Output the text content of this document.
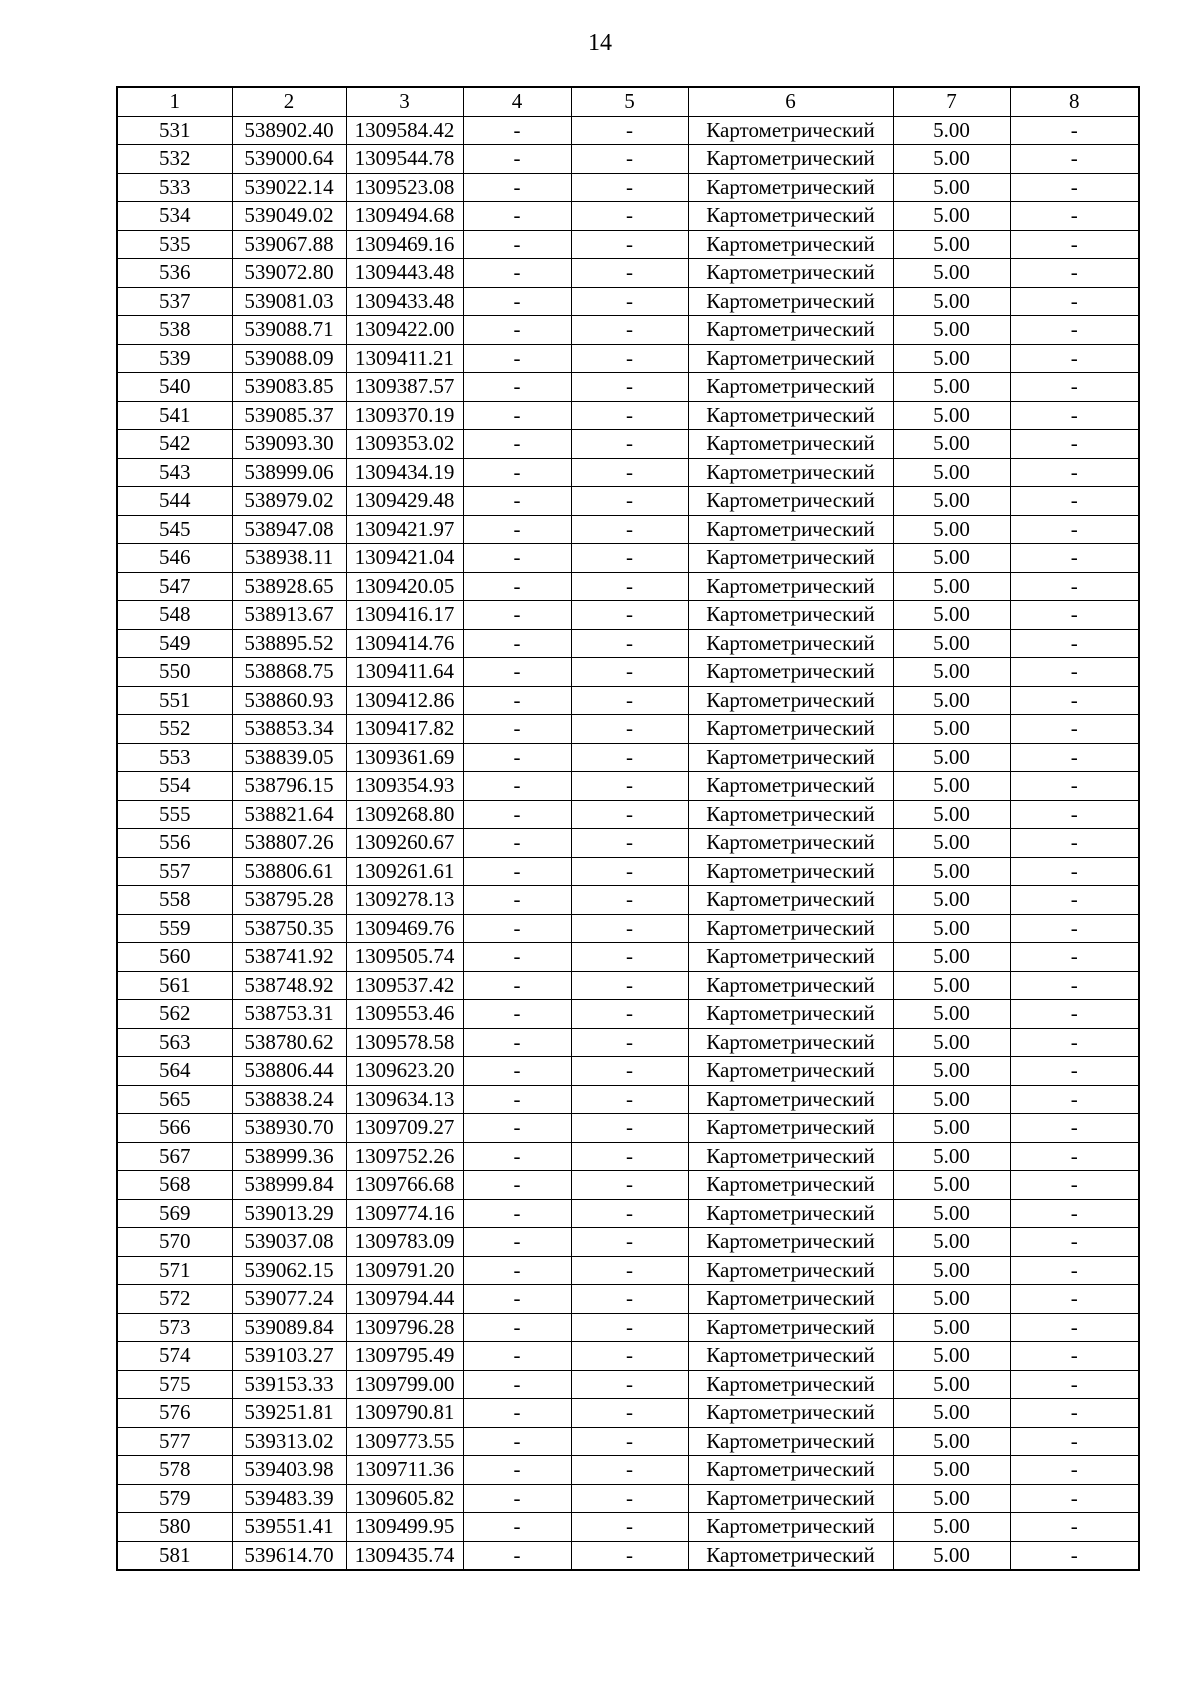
14
1	2	3	4	5	6	7	8
531	538902.40	1309584.42	-	-	Картометрический	5.00	-
532	539000.64	1309544.78	-	-	Картометрический	5.00	-
533	539022.14	1309523.08	-	-	Картометрический	5.00	-
534	539049.02	1309494.68	-	-	Картометрический	5.00	-
535	539067.88	1309469.16	-	-	Картометрический	5.00	-
536	539072.80	1309443.48	-	-	Картометрический	5.00	-
537	539081.03	1309433.48	-	-	Картометрический	5.00	-
538	539088.71	1309422.00	-	-	Картометрический	5.00	-
539	539088.09	1309411.21	-	-	Картометрический	5.00	-
540	539083.85	1309387.57	-	-	Картометрический	5.00	-
541	539085.37	1309370.19	-	-	Картометрический	5.00	-
542	539093.30	1309353.02	-	-	Картометрический	5.00	-
543	538999.06	1309434.19	-	-	Картометрический	5.00	-
544	538979.02	1309429.48	-	-	Картометрический	5.00	-
545	538947.08	1309421.97	-	-	Картометрический	5.00	-
546	538938.11	1309421.04	-	-	Картометрический	5.00	-
547	538928.65	1309420.05	-	-	Картометрический	5.00	-
548	538913.67	1309416.17	-	-	Картометрический	5.00	-
549	538895.52	1309414.76	-	-	Картометрический	5.00	-
550	538868.75	1309411.64	-	-	Картометрический	5.00	-
551	538860.93	1309412.86	-	-	Картометрический	5.00	-
552	538853.34	1309417.82	-	-	Картометрический	5.00	-
553	538839.05	1309361.69	-	-	Картометрический	5.00	-
554	538796.15	1309354.93	-	-	Картометрический	5.00	-
555	538821.64	1309268.80	-	-	Картометрический	5.00	-
556	538807.26	1309260.67	-	-	Картометрический	5.00	-
557	538806.61	1309261.61	-	-	Картометрический	5.00	-
558	538795.28	1309278.13	-	-	Картометрический	5.00	-
559	538750.35	1309469.76	-	-	Картометрический	5.00	-
560	538741.92	1309505.74	-	-	Картометрический	5.00	-
561	538748.92	1309537.42	-	-	Картометрический	5.00	-
562	538753.31	1309553.46	-	-	Картометрический	5.00	-
563	538780.62	1309578.58	-	-	Картометрический	5.00	-
564	538806.44	1309623.20	-	-	Картометрический	5.00	-
565	538838.24	1309634.13	-	-	Картометрический	5.00	-
566	538930.70	1309709.27	-	-	Картометрический	5.00	-
567	538999.36	1309752.26	-	-	Картометрический	5.00	-
568	538999.84	1309766.68	-	-	Картометрический	5.00	-
569	539013.29	1309774.16	-	-	Картометрический	5.00	-
570	539037.08	1309783.09	-	-	Картометрический	5.00	-
571	539062.15	1309791.20	-	-	Картометрический	5.00	-
572	539077.24	1309794.44	-	-	Картометрический	5.00	-
573	539089.84	1309796.28	-	-	Картометрический	5.00	-
574	539103.27	1309795.49	-	-	Картометрический	5.00	-
575	539153.33	1309799.00	-	-	Картометрический	5.00	-
576	539251.81	1309790.81	-	-	Картометрический	5.00	-
577	539313.02	1309773.55	-	-	Картометрический	5.00	-
578	539403.98	1309711.36	-	-	Картометрический	5.00	-
579	539483.39	1309605.82	-	-	Картометрический	5.00	-
580	539551.41	1309499.95	-	-	Картометрический	5.00	-
581	539614.70	1309435.74	-	-	Картометрический	5.00	-
